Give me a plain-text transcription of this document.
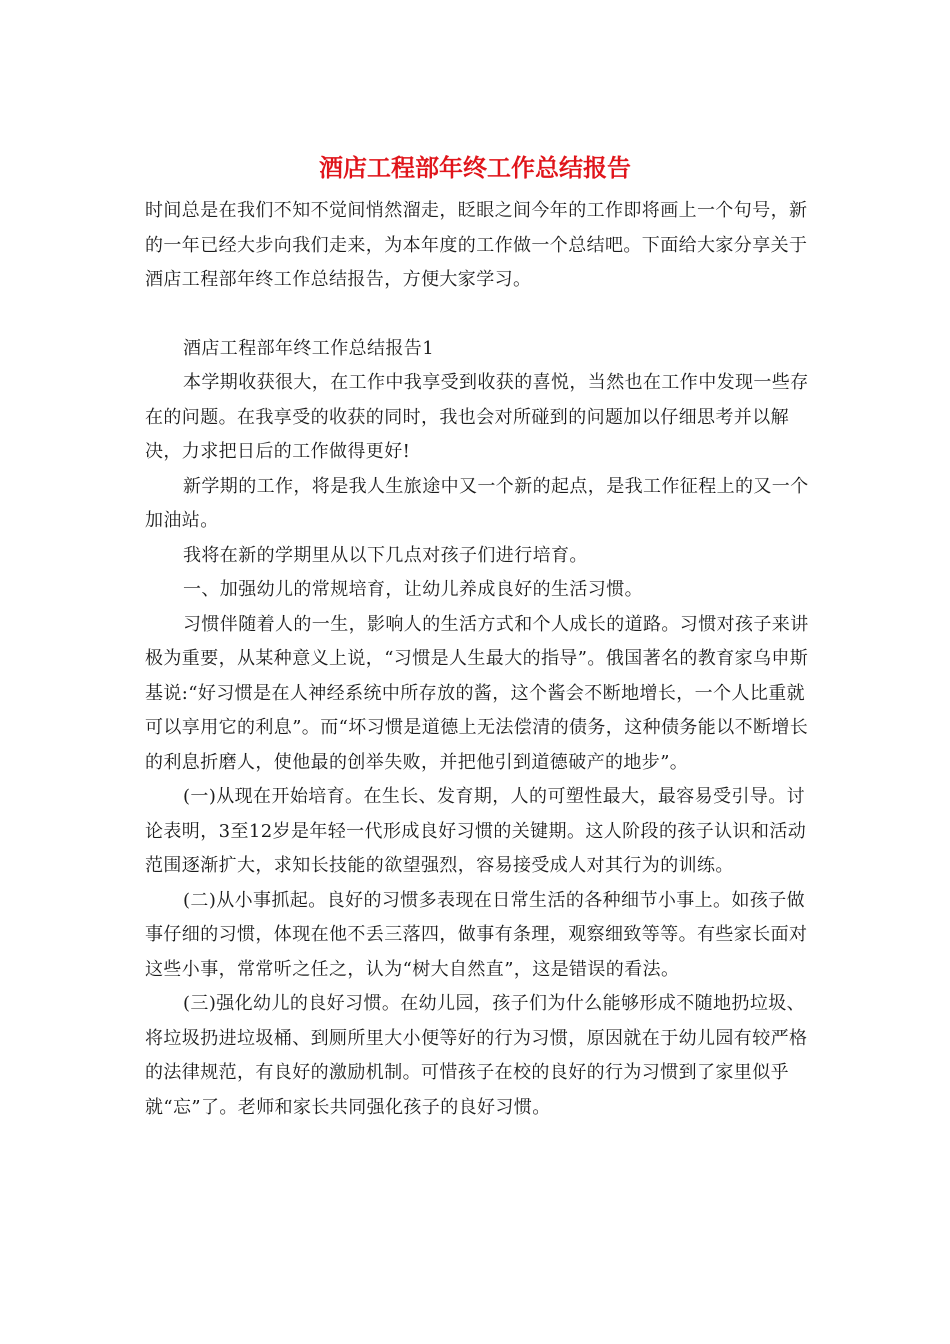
酒店工程部年终工作总结报告

时间总是在我们不知不觉间悄然溜走，眨眼之间今年的工作即将画上一个句号，新的一年已经大步向我们走来，为本年度的工作做一个总结吧。下面给大家分享关于酒店工程部年终工作总结报告，方便大家学习。

酒店工程部年终工作总结报告1

本学期收获很大，在工作中我享受到收获的喜悦，当然也在工作中发现一些存在的问题。在我享受的收获的同时，我也会对所碰到的问题加以仔细思考并以解决，力求把日后的工作做得更好!

新学期的工作，将是我人生旅途中又一个新的起点，是我工作征程上的又一个加油站。

我将在新的学期里从以下几点对孩子们进行培育。

一、加强幼儿的常规培育，让幼儿养成良好的生活习惯。

习惯伴随着人的一生，影响人的生活方式和个人成长的道路。习惯对孩子来讲极为重要，从某种意义上说，“习惯是人生最大的指导”。俄国著名的教育家乌申斯基说:“好习惯是在人神经系统中所存放的酱，这个酱会不断地增长，一个人比重就可以享用它的利息”。而“坏习惯是道德上无法偿清的债务，这种债务能以不断增长的利息折磨人，使他最的创举失败，并把他引到道德破产的地步”。

(一)从现在开始培育。在生长、发育期，人的可塑性最大，最容易受引导。讨论表明，3至12岁是年轻一代形成良好习惯的关键期。这人阶段的孩子认识和活动范围逐渐扩大，求知长技能的欲望强烈，容易接受成人对其行为的训练。

(二)从小事抓起。良好的习惯多表现在日常生活的各种细节小事上。如孩子做事仔细的习惯，体现在他不丢三落四，做事有条理，观察细致等等。有些家长面对这些小事，常常听之任之，认为“树大自然直”，这是错误的看法。

(三)强化幼儿的良好习惯。在幼儿园，孩子们为什么能够形成不随地扔垃圾、将垃圾扔进垃圾桶、到厕所里大小便等好的行为习惯，原因就在于幼儿园有较严格的法律规范，有良好的激励机制。可惜孩子在校的良好的行为习惯到了家里似乎就“忘”了。老师和家长共同强化孩子的良好习惯。
